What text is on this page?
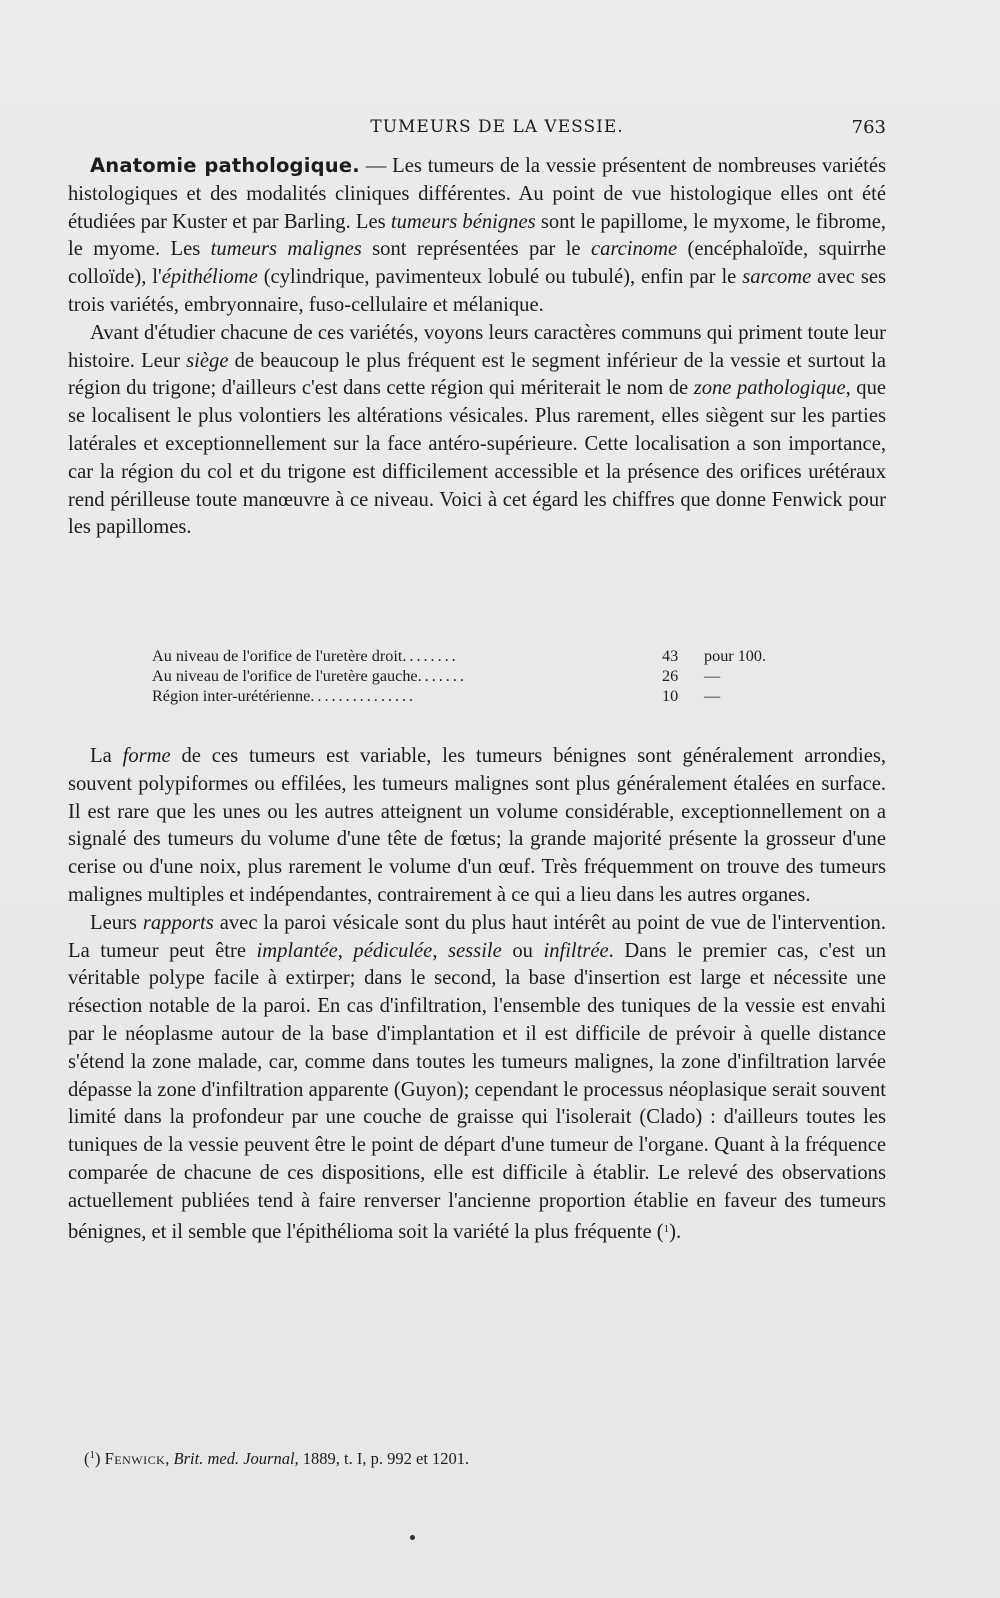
TUMEURS DE LA VESSIE.	763

Anatomie pathologique. — Les tumeurs de la vessie présentent de nombreuses variétés histologiques et des modalités cliniques différentes. Au point de vue histologique elles ont été étudiées par Kuster et par Barling. Les tumeurs bénignes sont le papillome, le myxome, le fibrome, le myome. Les tumeurs malignes sont représentées par le carcinome (encéphaloïde, squirrhe colloïde), l'épithéliome (cylindrique, pavimenteux lobulé ou tubulé), enfin par le sarcome avec ses trois variétés, embryonnaire, fuso-cellulaire et mélanique.

Avant d'étudier chacune de ces variétés, voyons leurs caractères communs qui priment toute leur histoire. Leur siège de beaucoup le plus fréquent est le segment inférieur de la vessie et surtout la région du trigone; d'ailleurs c'est dans cette région qui mériterait le nom de zone pathologique, que se localisent le plus volontiers les altérations vésicales. Plus rarement, elles siègent sur les parties latérales et exceptionnellement sur la face antéro-supérieure. Cette localisation a son importance, car la région du col et du trigone est difficilement accessible et la présence des orifices urétéraux rend périlleuse toute manœuvre à ce niveau. Voici à cet égard les chiffres que donne Fenwick pour les papillomes.

Au niveau de l'orifice de l'uretère droit........	43	pour 100.
Au niveau de l'orifice de l'uretère gauche.......	26	—
Région inter-urétérienne...............	10	—

La forme de ces tumeurs est variable, les tumeurs bénignes sont généralement arrondies, souvent polypiformes ou effilées, les tumeurs malignes sont plus généralement étalées en surface. Il est rare que les unes ou les autres atteignent un volume considérable, exceptionnellement on a signalé des tumeurs du volume d'une tête de fœtus; la grande majorité présente la grosseur d'une cerise ou d'une noix, plus rarement le volume d'un œuf. Très fréquemment on trouve des tumeurs malignes multiples et indépendantes, contrairement à ce qui a lieu dans les autres organes.

Leurs rapports avec la paroi vésicale sont du plus haut intérêt au point de vue de l'intervention. La tumeur peut être implantée, pédiculée, sessile ou infiltrée. Dans le premier cas, c'est un véritable polype facile à extirper; dans le second, la base d'insertion est large et nécessite une résection notable de la paroi. En cas d'infiltration, l'ensemble des tuniques de la vessie est envahi par le néoplasme autour de la base d'implantation et il est difficile de prévoir à quelle distance s'étend la zone malade, car, comme dans toutes les tumeurs malignes, la zone d'infiltration larvée dépasse la zone d'infiltration apparente (Guyon); cependant le processus néoplasique serait souvent limité dans la profondeur par une couche de graisse qui l'isolerait (Clado) : d'ailleurs toutes les tuniques de la vessie peuvent être le point de départ d'une tumeur de l'organe. Quant à la fréquence comparée de chacune de ces dispositions, elle est difficile à établir. Le relevé des observations actuellement publiées tend à faire renverser l'ancienne proportion établie en faveur des tumeurs bénignes, et il semble que l'épithélioma soit la variété la plus fréquente ($^1$).

($^1$) Fenwick, Brit. med. Journal, 1889, t. I, p. 992 et 1201.
